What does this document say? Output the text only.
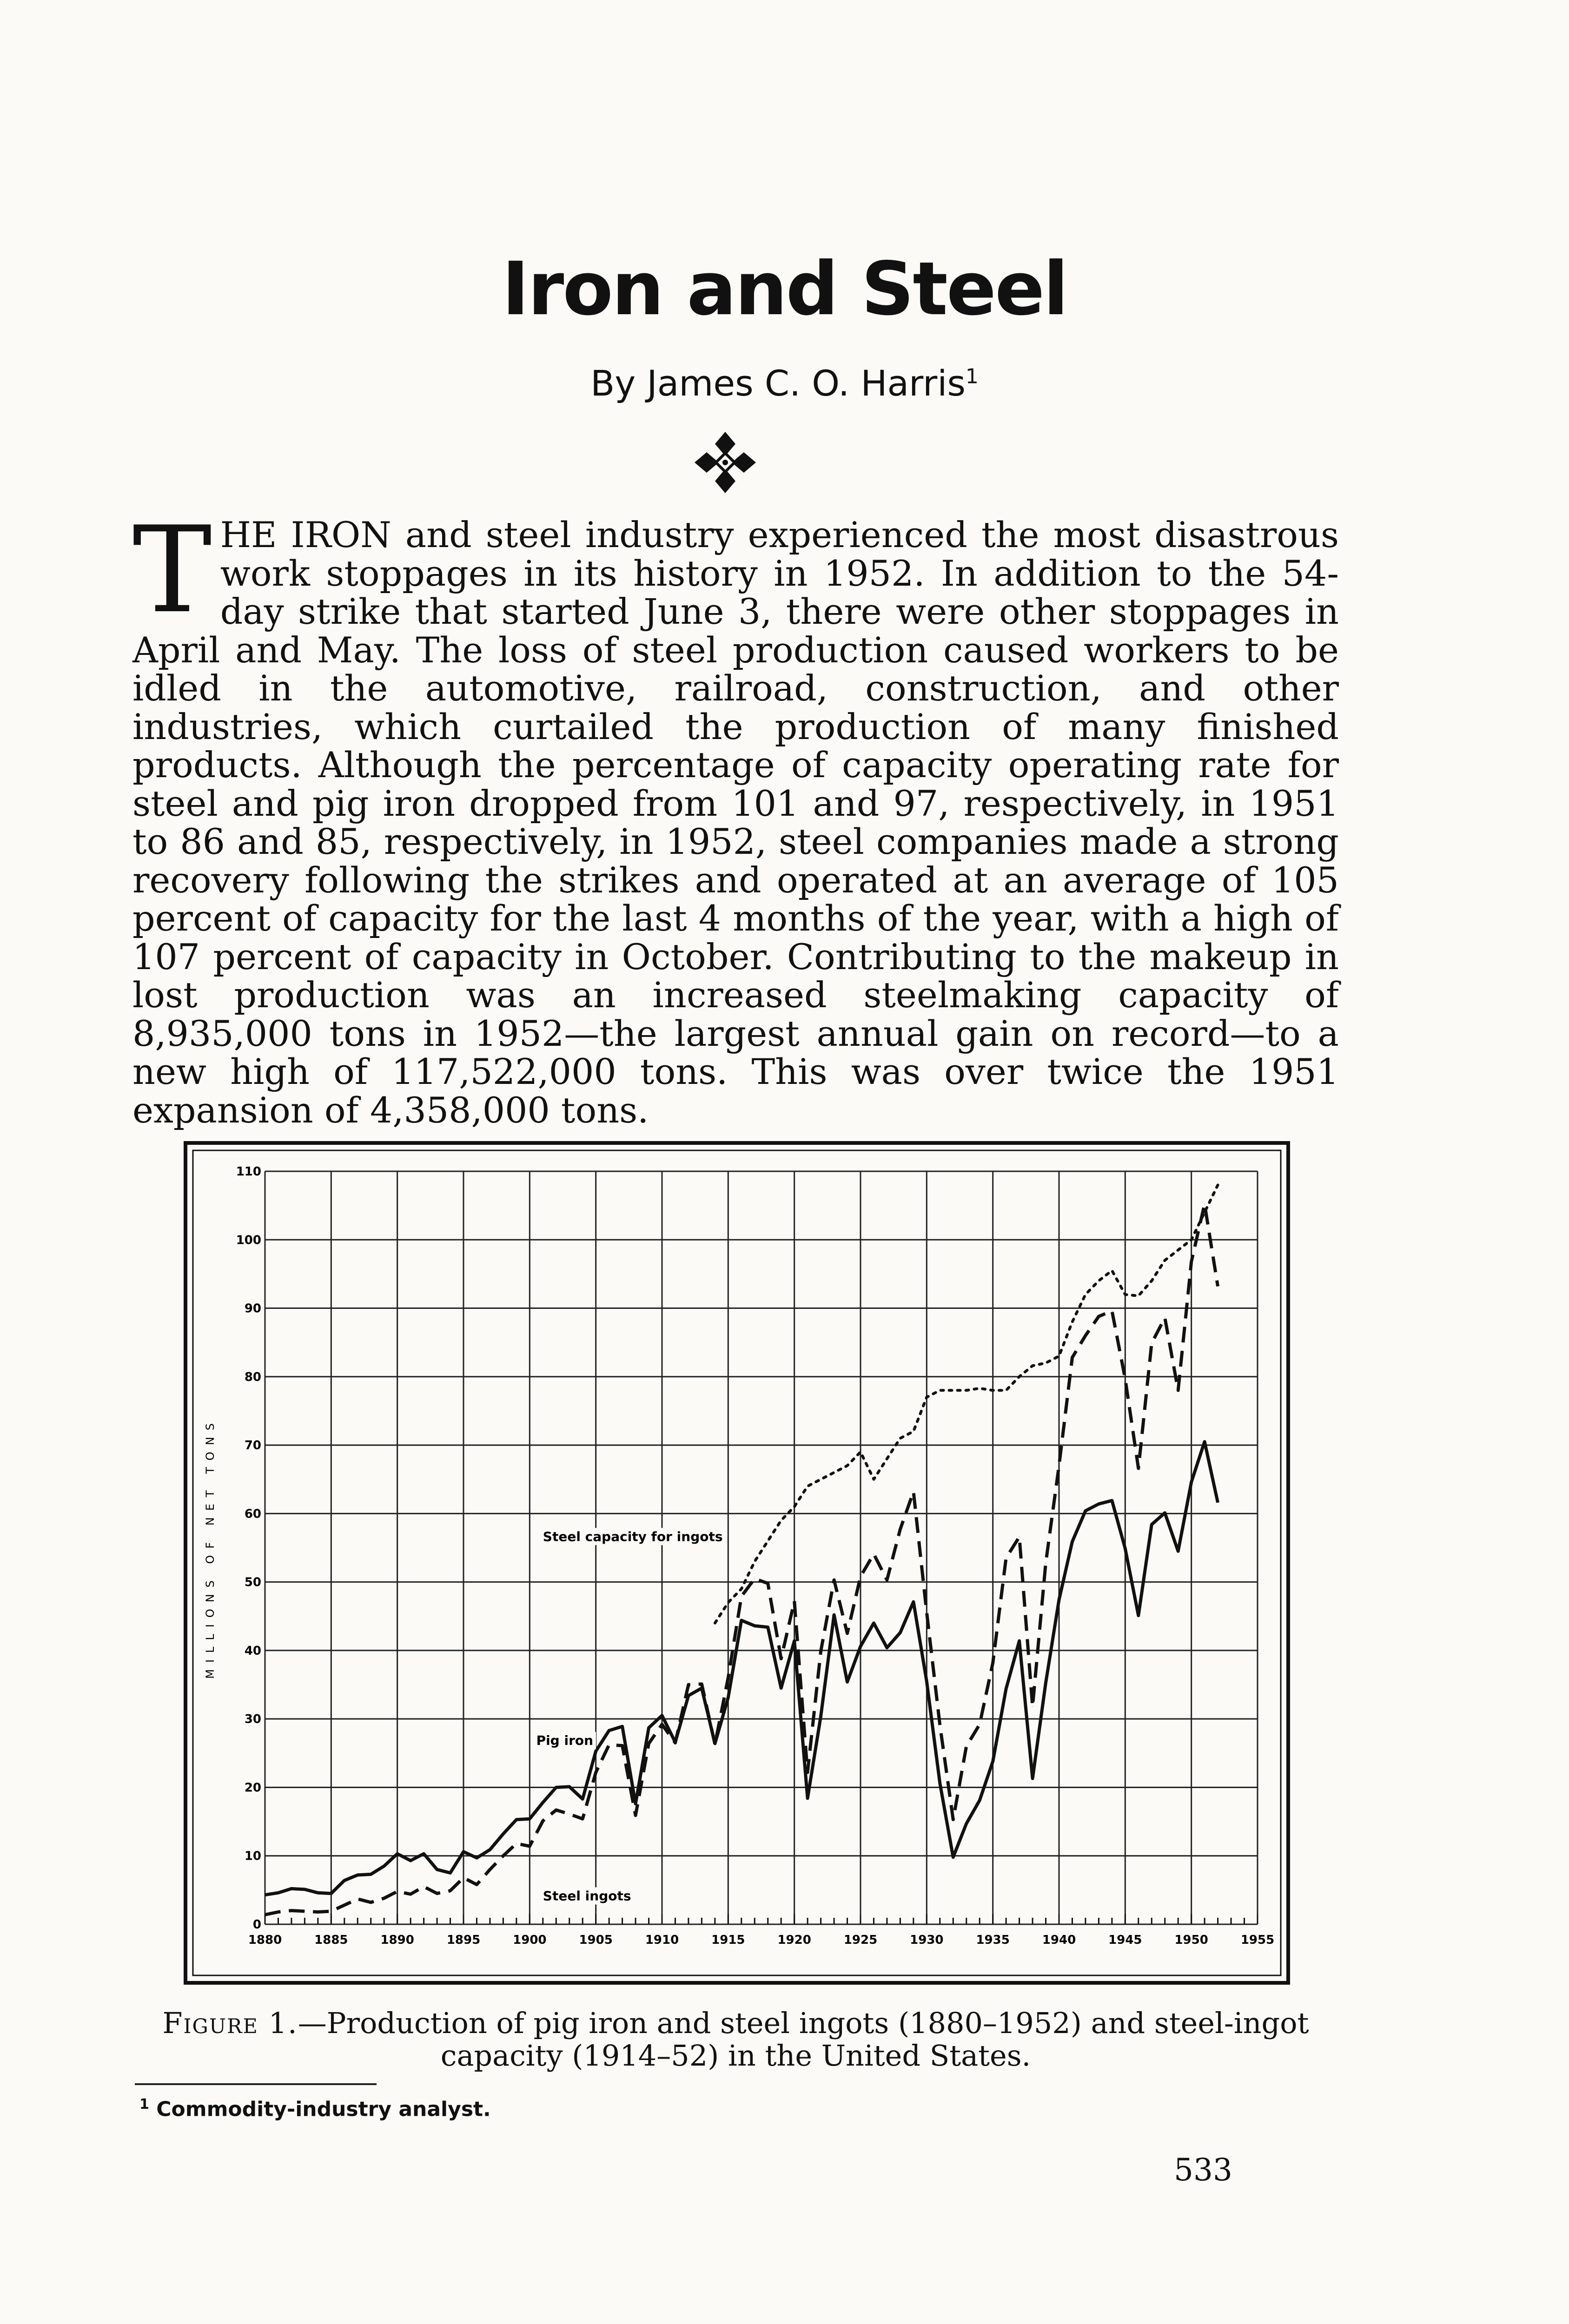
Iron and Steel
By James C. O. Harris$^1$

THE IRON and steel industry experienced the most disastrous work stoppages in its history in 1952. In addition to the 54-day strike that started June 3, there were other stoppages in April and May. The loss of steel production caused workers to be idled in the automotive, railroad, construction, and other industries, which curtailed the production of many finished products. Although the percentage of capacity operating rate for steel and pig iron dropped from 101 and 97, respectively, in 1951 to 86 and 85, respectively, in 1952, steel companies made a strong recovery following the strikes and operated at an average of 105 percent of capacity for the last 4 months of the year, with a high of 107 percent of capacity in October. Contributing to the makeup in lost production was an increased steelmaking capacity of 8,935,000 tons in 1952—the largest annual gain on record—to a new high of 117,522,000 tons. This was over twice the 1951 expansion of 4,358,000 tons.

1880	1885	1890	1895	1900	1905	1910	1915	1920	1925	1930	1935	1940	1945	1950	1955
0
10
20
30
40
50
60
70
80
90
100
110
MILLIONS OF NET TONS	Steel capacity for ingots
Pig iron
Steel ingots

Figure 1.—Production of pig iron and steel ingots (1880–1952) and steel-ingot capacity (1914–52) in the United States.

$^1$ Commodity-industry analyst.
533
